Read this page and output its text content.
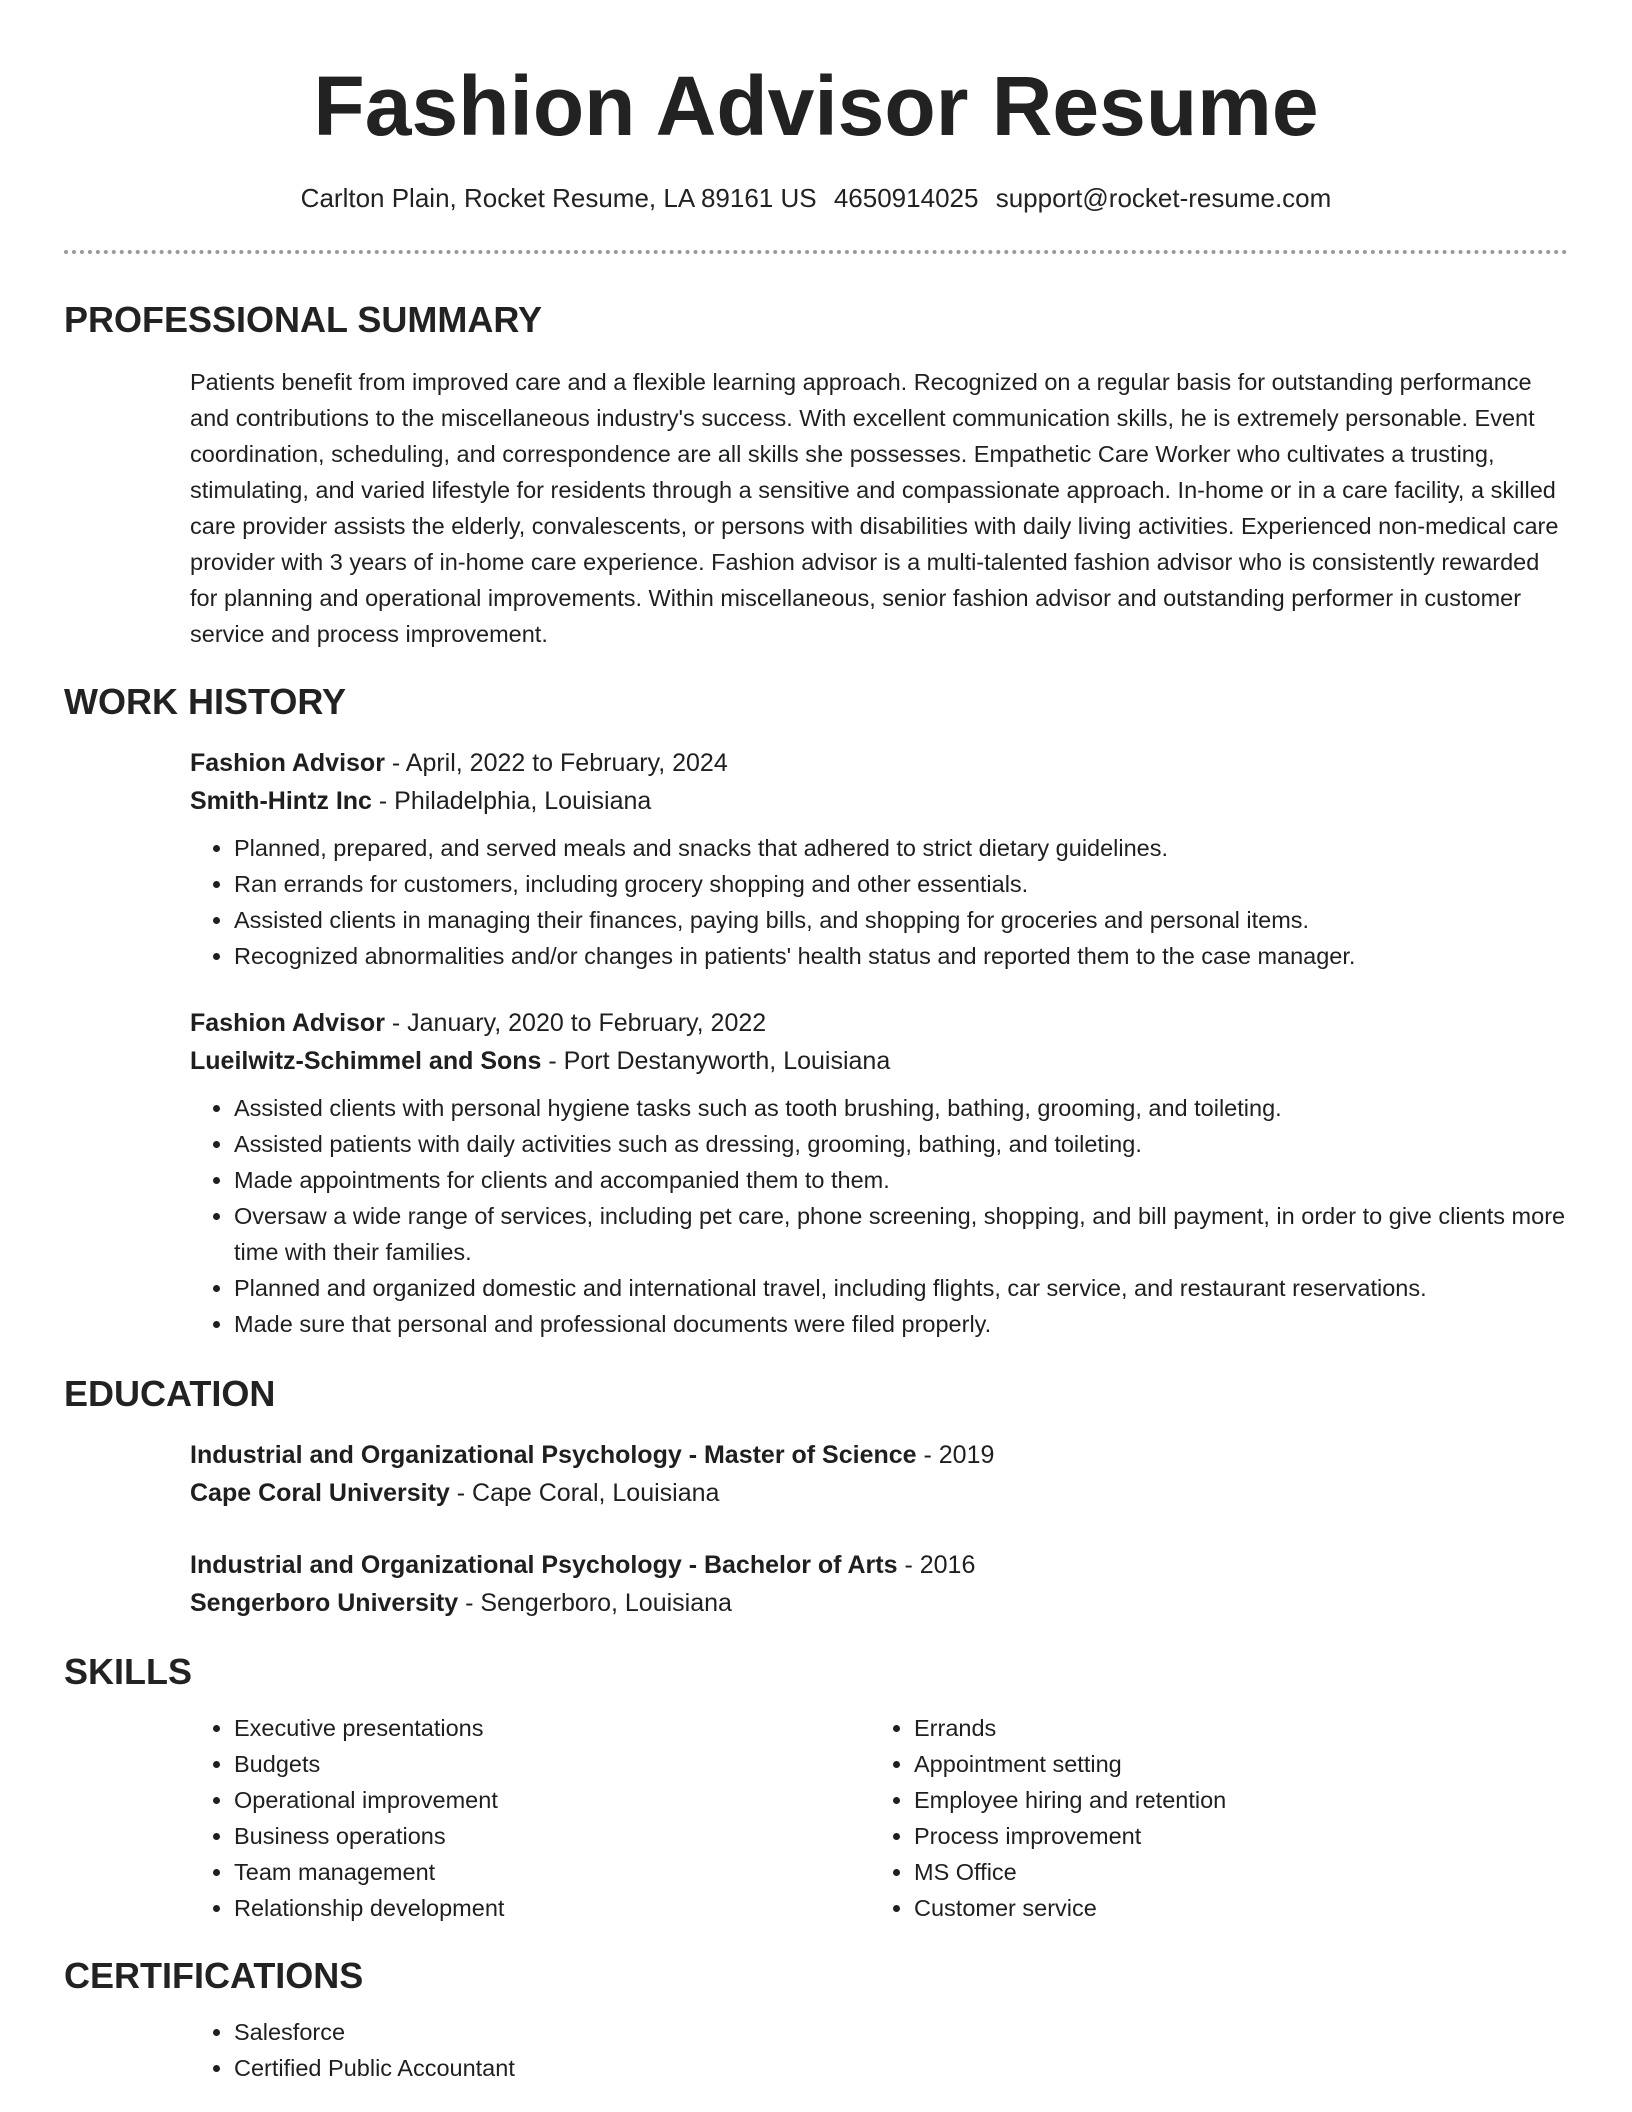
Fashion Advisor Resume
Carlton Plain, Rocket Resume, LA 89161 US 4650914025 support@rocket-resume.com
PROFESSIONAL SUMMARY

Patients benefit from improved care and a flexible learning approach. Recognized on a regular basis for outstanding performance and contributions to the miscellaneous industry's success. With excellent communication skills, he is extremely personable. Event coordination, scheduling, and correspondence are all skills she possesses. Empathetic Care Worker who cultivates a trusting, stimulating, and varied lifestyle for residents through a sensitive and compassionate approach. In-home or in a care facility, a skilled care provider assists the elderly, convalescents, or persons with disabilities with daily living activities. Experienced non-medical care provider with 3 years of in-home care experience. Fashion advisor is a multi-talented fashion advisor who is consistently rewarded for planning and operational improvements. Within miscellaneous, senior fashion advisor and outstanding performer in customer service and process improvement.

WORK HISTORY
Fashion Advisor - April, 2022 to February, 2024
Smith-Hintz Inc - Philadelphia, Louisiana
• Planned, prepared, and served meals and snacks that adhered to strict dietary guidelines.
• Ran errands for customers, including grocery shopping and other essentials.
• Assisted clients in managing their finances, paying bills, and shopping for groceries and personal items.
• Recognized abnormalities and/or changes in patients' health status and reported them to the case manager.
Fashion Advisor - January, 2020 to February, 2022
Lueilwitz-Schimmel and Sons - Port Destanyworth, Louisiana
• Assisted clients with personal hygiene tasks such as tooth brushing, bathing, grooming, and toileting.
• Assisted patients with daily activities such as dressing, grooming, bathing, and toileting.
• Made appointments for clients and accompanied them to them.
• Oversaw a wide range of services, including pet care, phone screening, shopping, and bill payment, in order to give clients more time with their families.
• Planned and organized domestic and international travel, including flights, car service, and restaurant reservations.
• Made sure that personal and professional documents were filed properly.
EDUCATION
Industrial and Organizational Psychology - Master of Science - 2019
Cape Coral University - Cape Coral, Louisiana
Industrial and Organizational Psychology - Bachelor of Arts - 2016
Sengerboro University - Sengerboro, Louisiana
SKILLS
• Executive presentations
• Budgets
• Operational improvement
• Business operations
• Team management
• Relationship development
• Errands
• Appointment setting
• Employee hiring and retention
• Process improvement
• MS Office
• Customer service
CERTIFICATIONS
• Salesforce
• Certified Public Accountant
